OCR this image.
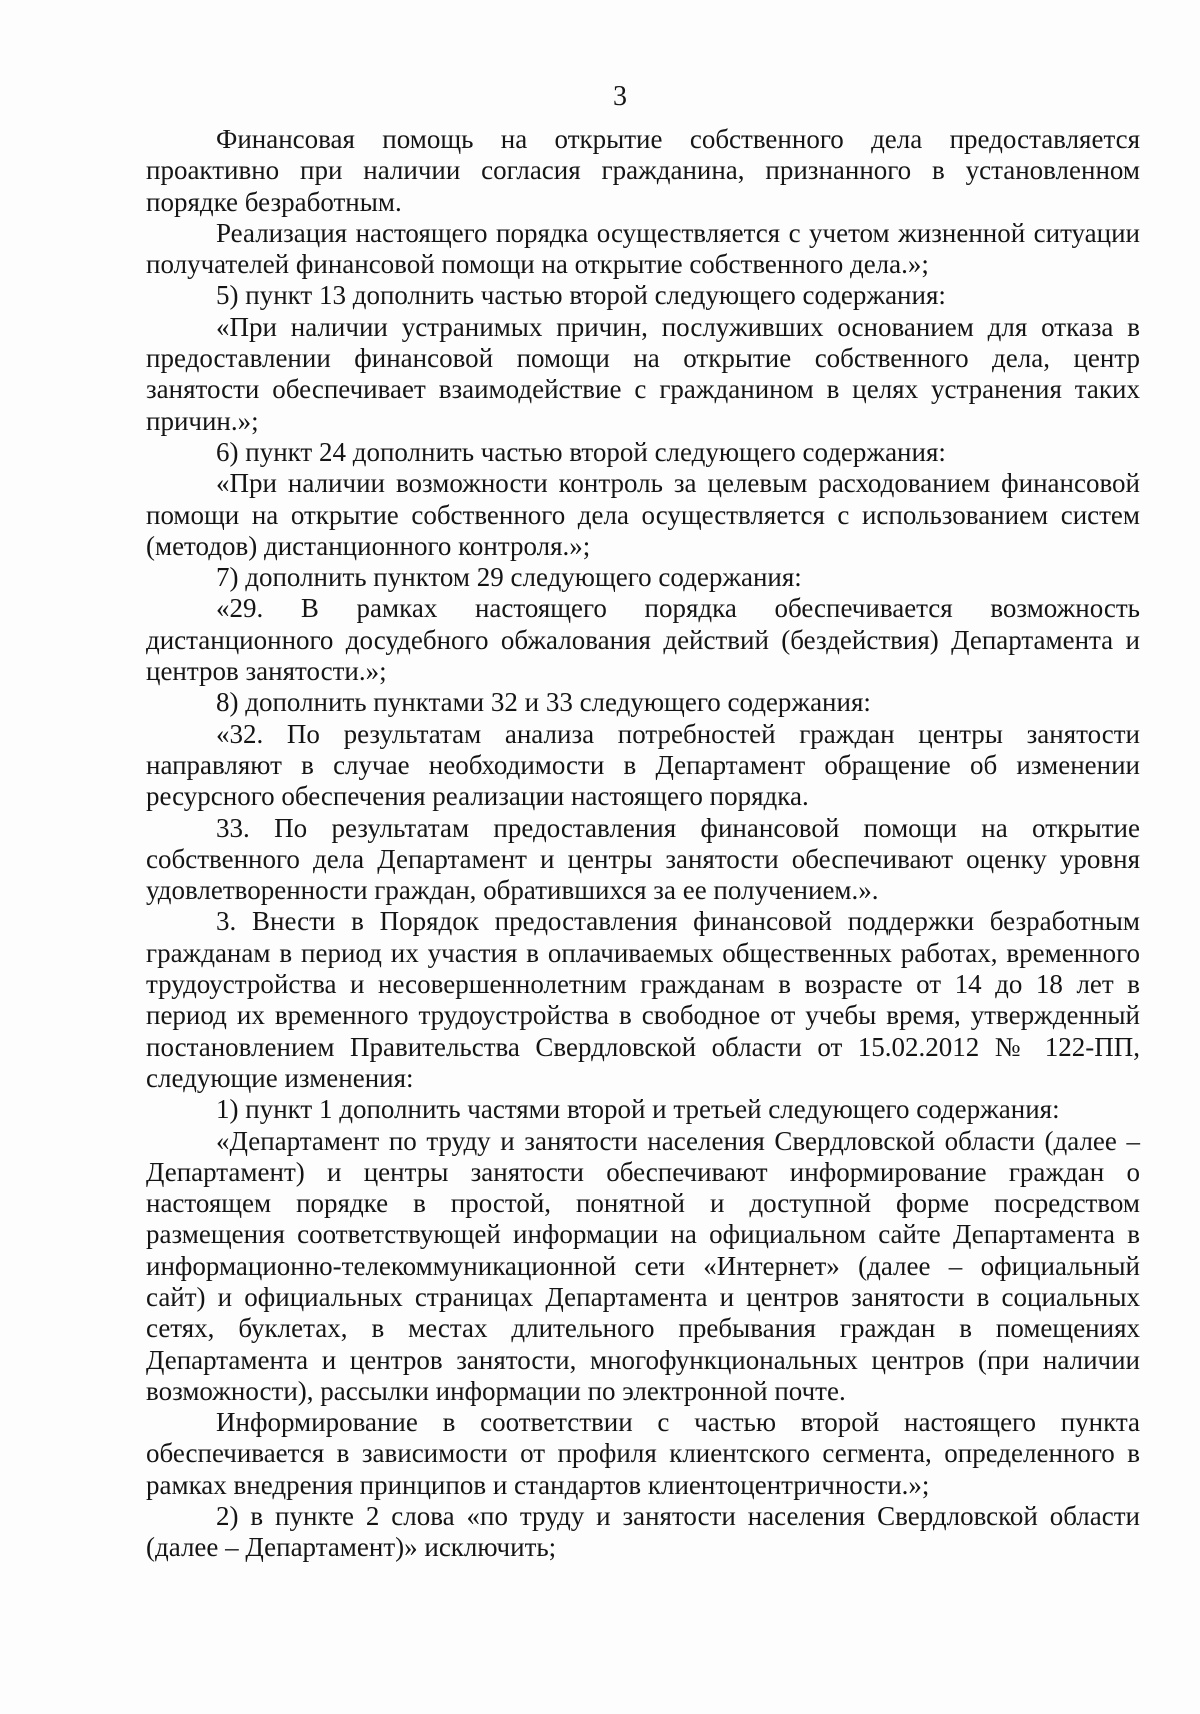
3

Финансовая помощь на открытие собственного дела предоставляется проактивно при наличии согласия гражданина, признанного в установленном порядке безработным.

Реализация настоящего порядка осуществляется с учетом жизненной ситуации получателей финансовой помощи на открытие собственного дела.»;

5) пункт 13 дополнить частью второй следующего содержания:

«При наличии устранимых причин, послуживших основанием для отказа в предоставлении финансовой помощи на открытие собственного дела, центр занятости обеспечивает взаимодействие с гражданином в целях устранения таких причин.»;

6) пункт 24 дополнить частью второй следующего содержания:

«При наличии возможности контроль за целевым расходованием финансовой помощи на открытие собственного дела осуществляется с использованием систем (методов) дистанционного контроля.»;

7) дополнить пунктом 29 следующего содержания:

«29. В рамках настоящего порядка обеспечивается возможность дистанционного досудебного обжалования действий (бездействия) Департамента и центров занятости.»;

8) дополнить пунктами 32 и 33 следующего содержания:

«32. По результатам анализа потребностей граждан центры занятости направляют в случае необходимости в Департамент обращение об изменении ресурсного обеспечения реализации настоящего порядка.

33. По результатам предоставления финансовой помощи на открытие собственного дела Департамент и центры занятости обеспечивают оценку уровня удовлетворенности граждан, обратившихся за ее получением.».

3. Внести в Порядок предоставления финансовой поддержки безработным гражданам в период их участия в оплачиваемых общественных работах, временного трудоустройства и несовершеннолетним гражданам в возрасте от 14 до 18 лет в период их временного трудоустройства в свободное от учебы время, утвержденный постановлением Правительства Свердловской области от 15.02.2012 № 122-ПП, следующие изменения:

1) пункт 1 дополнить частями второй и третьей следующего содержания:

«Департамент по труду и занятости населения Свердловской области (далее – Департамент) и центры занятости обеспечивают информирование граждан о настоящем порядке в простой, понятной и доступной форме посредством размещения соответствующей информации на официальном сайте Департамента в информационно-телекоммуникационной сети «Интернет» (далее – официальный сайт) и официальных страницах Департамента и центров занятости в социальных сетях, буклетах, в местах длительного пребывания граждан в помещениях Департамента и центров занятости, многофункциональных центров (при наличии возможности), рассылки информации по электронной почте.

Информирование в соответствии с частью второй настоящего пункта обеспечивается в зависимости от профиля клиентского сегмента, определенного в рамках внедрения принципов и стандартов клиентоцентричности.»;

2) в пункте 2 слова «по труду и занятости населения Свердловской области (далее – Департамент)» исключить;
